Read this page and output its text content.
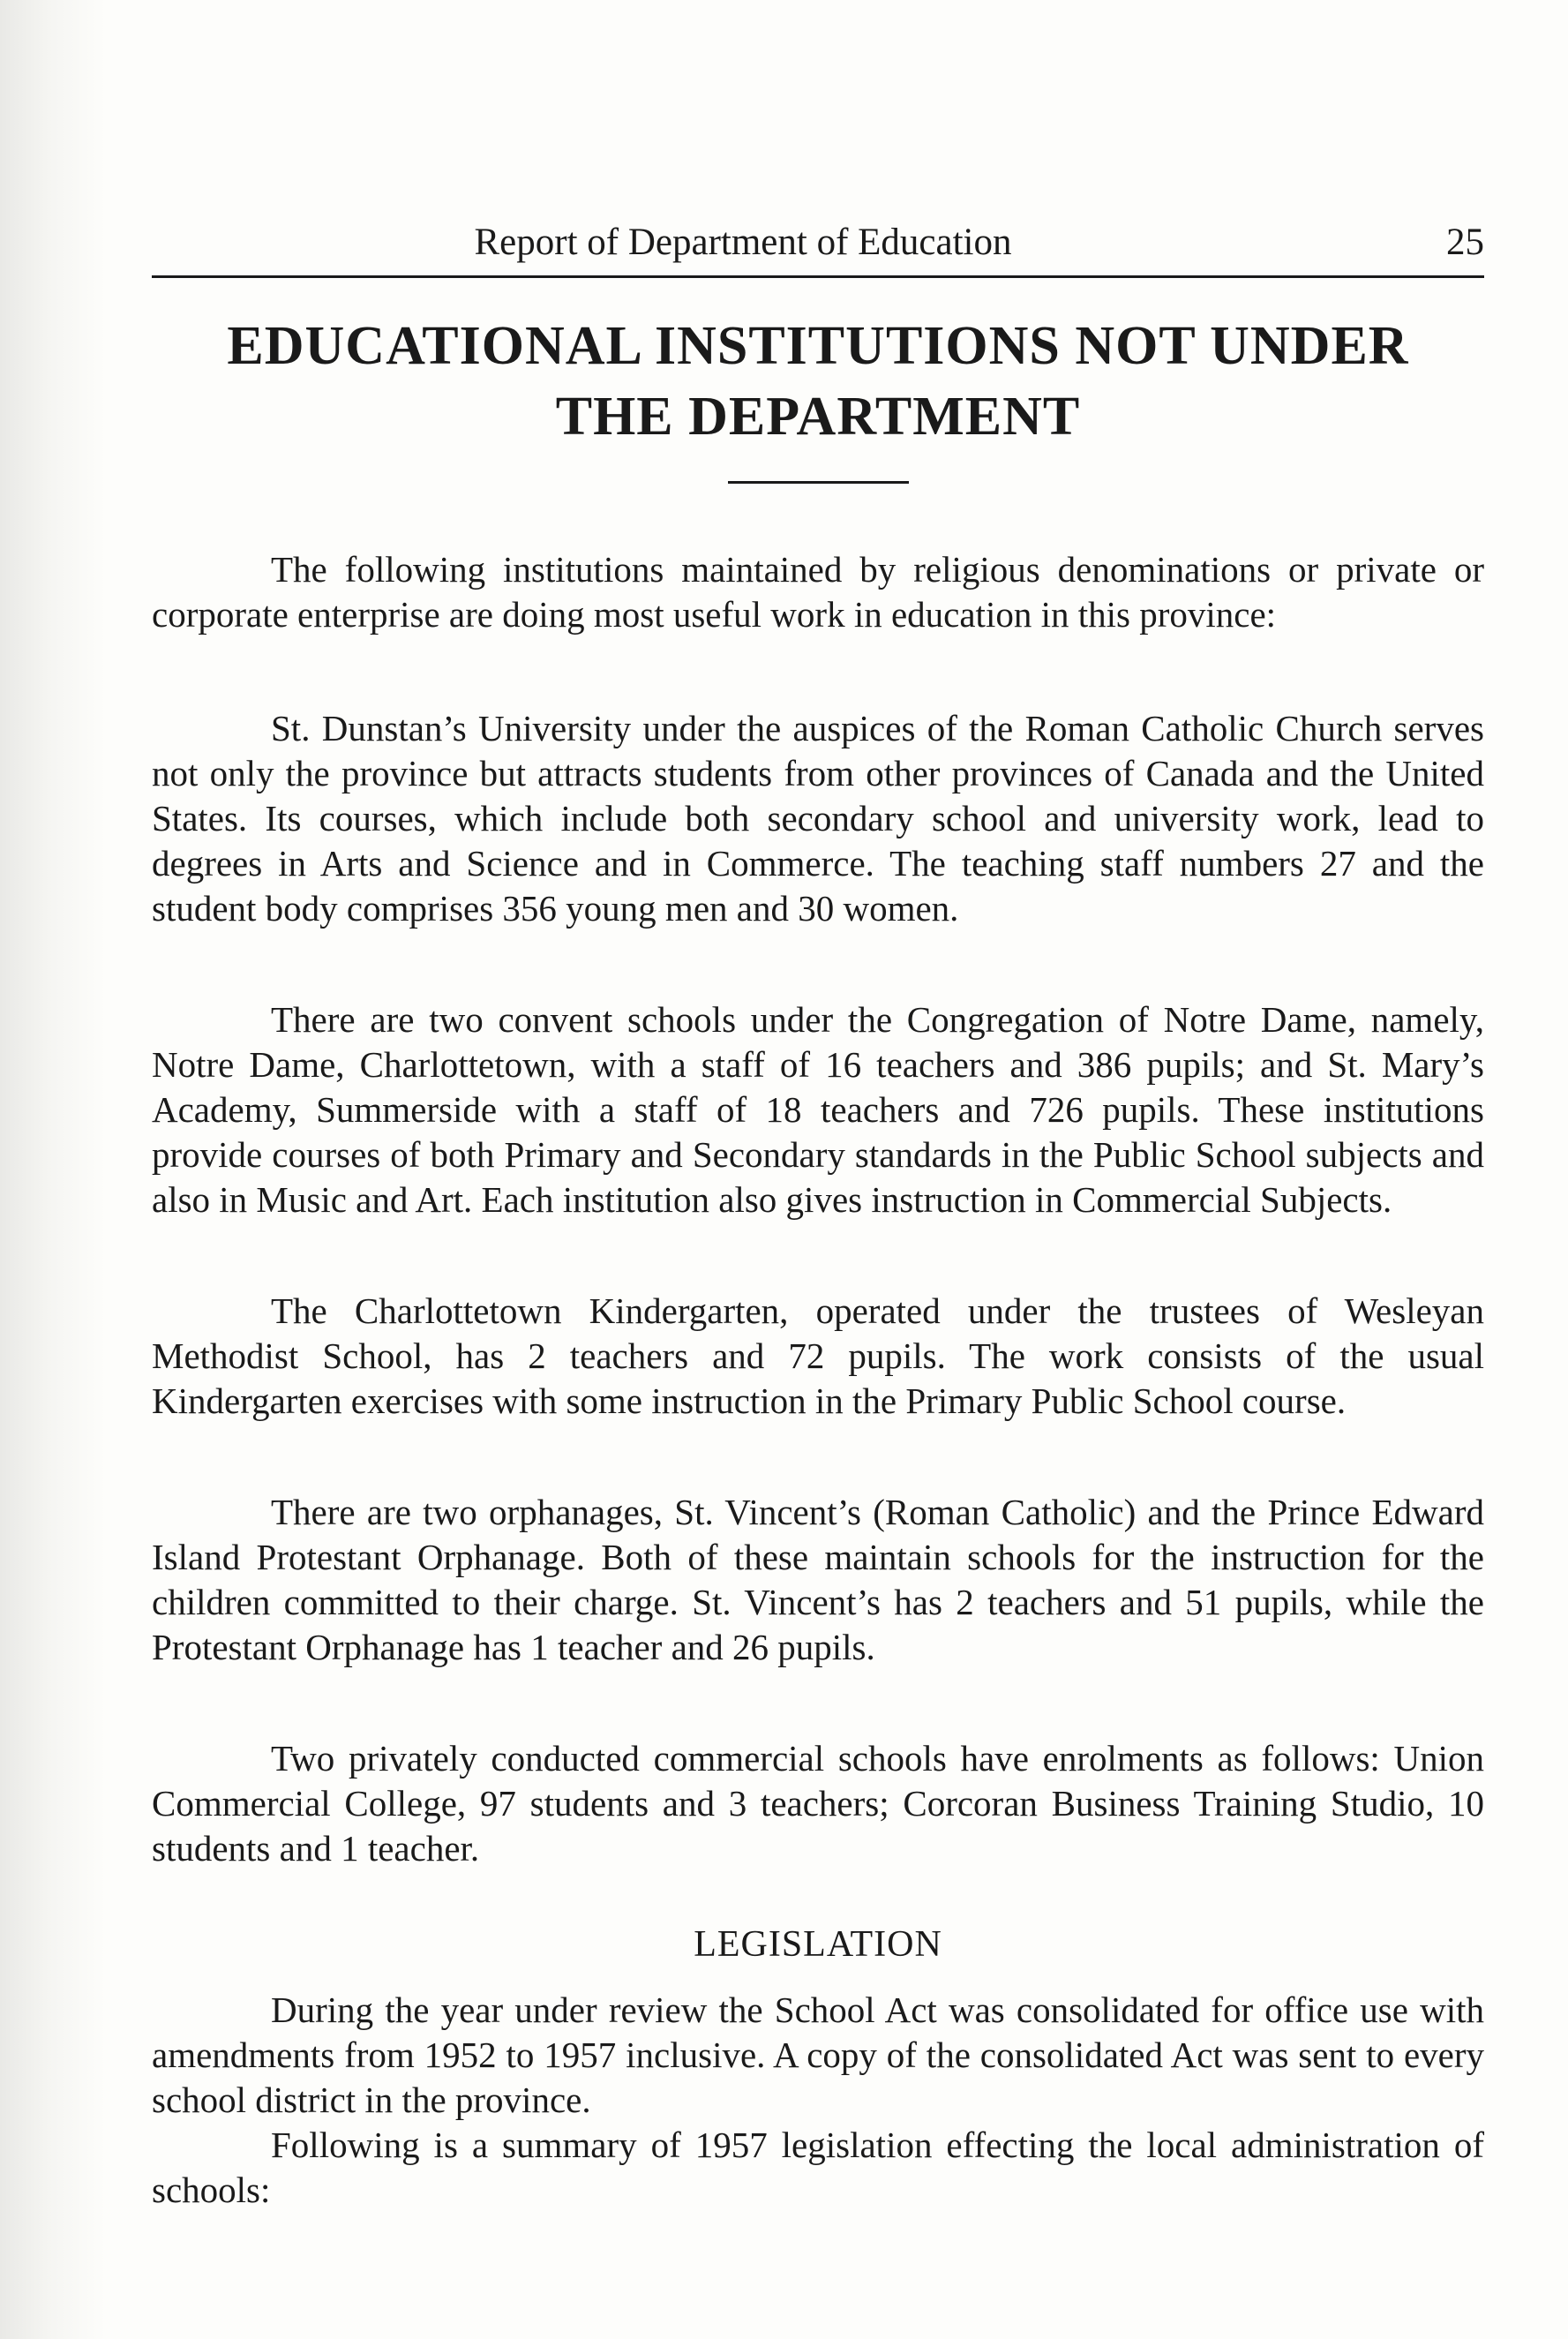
Report of Department of Education	25
EDUCATIONAL INSTITUTIONS NOT UNDER
THE DEPARTMENT

The following institutions maintained by religious denominations or private or corporate enterprise are doing most useful work in education in this province:

St. Dunstan’s University under the auspices of the Roman Catholic Church serves not only the province but attracts students from other provinces of Canada and the United States. Its courses, which include both secondary school and university work, lead to degrees in Arts and Science and in Commerce. The teaching staff numbers 27 and the student body comprises 356 young men and 30 women.

There are two convent schools under the Congregation of Notre Dame, namely, Notre Dame, Charlottetown, with a staff of 16 teachers and 386 pupils; and St. Mary’s Academy, Summerside with a staff of 18 teachers and 726 pupils. These institutions provide courses of both Primary and Secondary standards in the Public School subjects and also in Music and Art. Each institution also gives instruction in Commercial Subjects.

The Charlottetown Kindergarten, operated under the trustees of Wesleyan Methodist School, has 2 teachers and 72 pupils. The work consists of the usual Kindergarten exercises with some instruction in the Primary Public School course.

There are two orphanages, St. Vincent’s (Roman Catholic) and the Prince Edward Island Protestant Orphanage. Both of these maintain schools for the instruction for the children committed to their charge. St. Vincent’s has 2 teachers and 51 pupils, while the Protestant Orphanage has 1 teacher and 26 pupils.

Two privately conducted commercial schools have enrolments as follows: Union Commercial College, 97 students and 3 teachers; Corcoran Business Training Studio, 10 students and 1 teacher.

LEGISLATION

During the year under review the School Act was consolidated for office use with amendments from 1952 to 1957 inclusive. A copy of the consolidated Act was sent to every school district in the province.

Following is a summary of 1957 legislation effecting the local administration of schools:
